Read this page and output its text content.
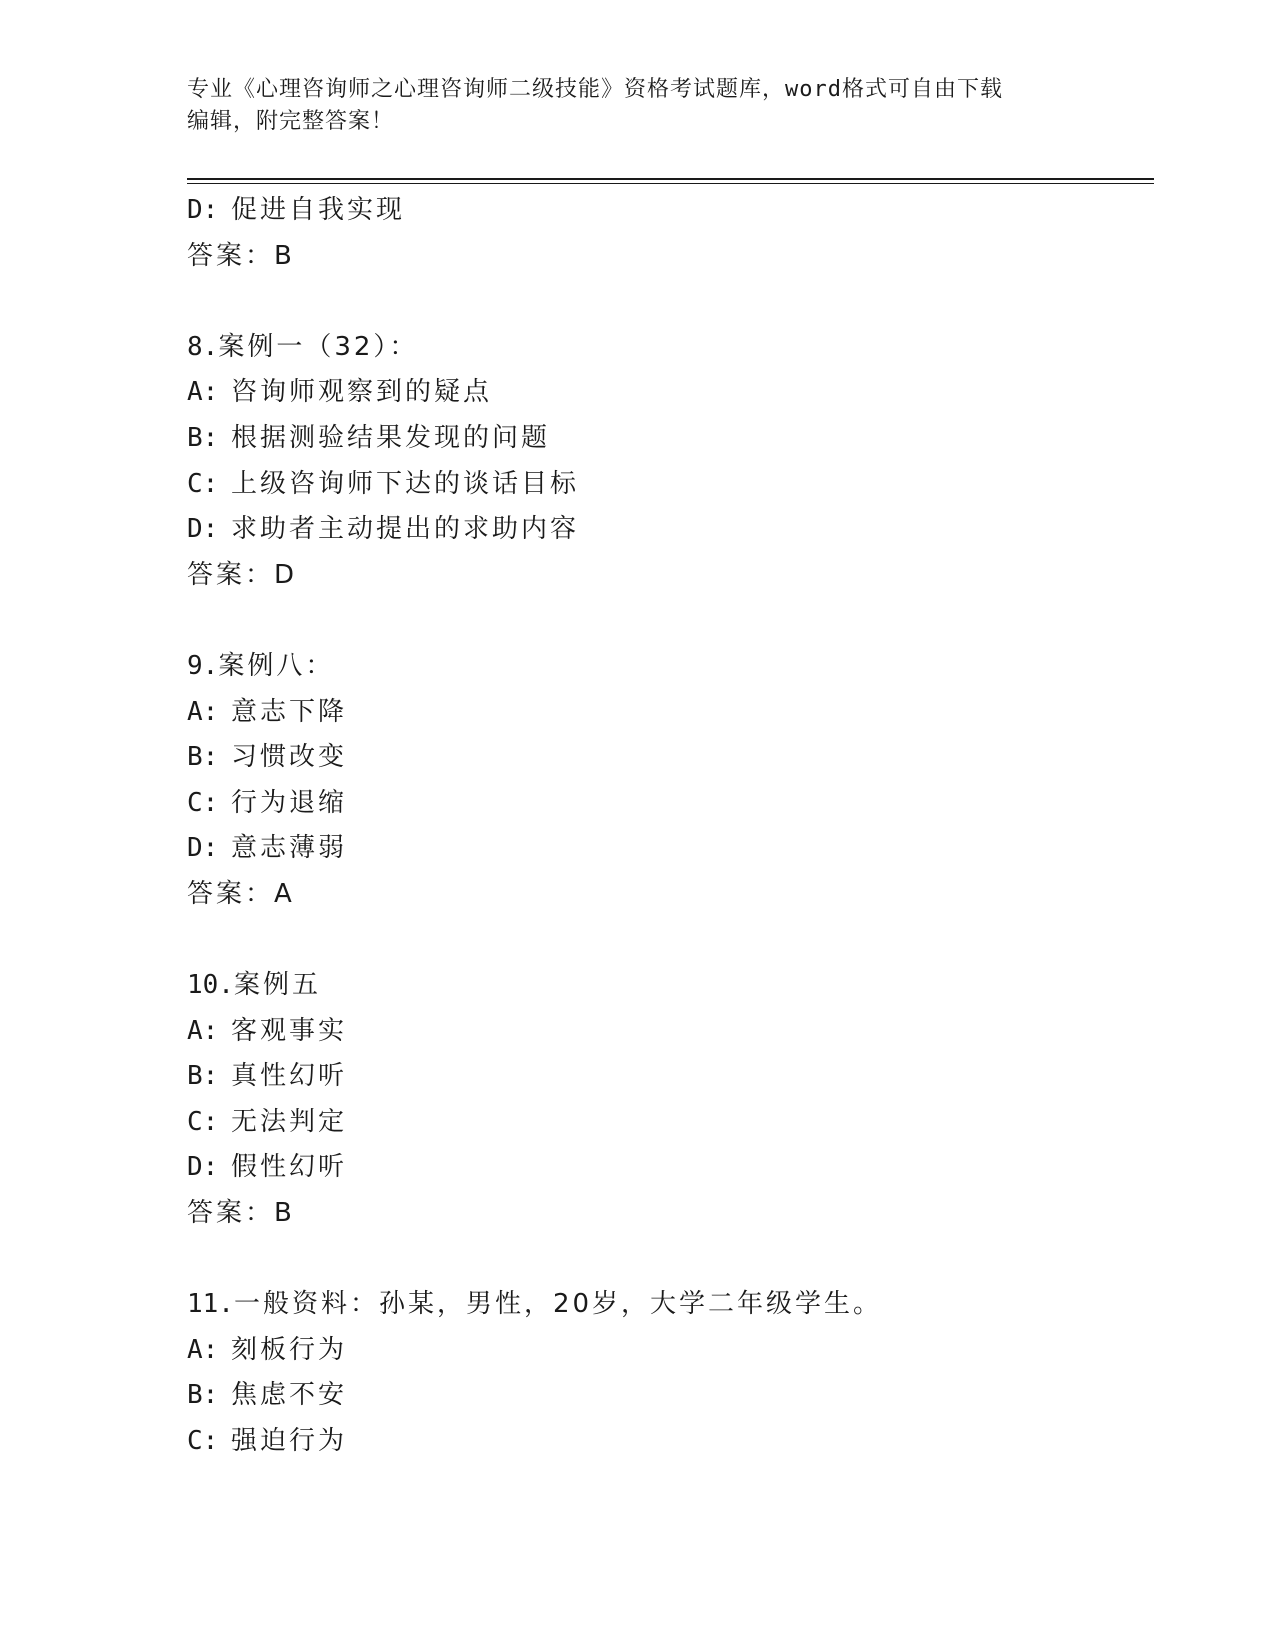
专业《心理咨询师之心理咨询师二级技能》资格考试题库，word格式可自由下载
编辑，附完整答案！
D: 促进自我实现
答案：B
8.案例一（32）：
A: 咨询师观察到的疑点
B: 根据测验结果发现的问题
C: 上级咨询师下达的谈话目标
D: 求助者主动提出的求助内容
答案：D
9.案例八：
A: 意志下降
B: 习惯改变
C: 行为退缩
D: 意志薄弱
答案：A
10.案例五
A: 客观事实
B: 真性幻听
C: 无法判定
D: 假性幻听
答案：B
11.一般资料：孙某，男性，20岁，大学二年级学生。
A: 刻板行为
B: 焦虑不安
C: 强迫行为
